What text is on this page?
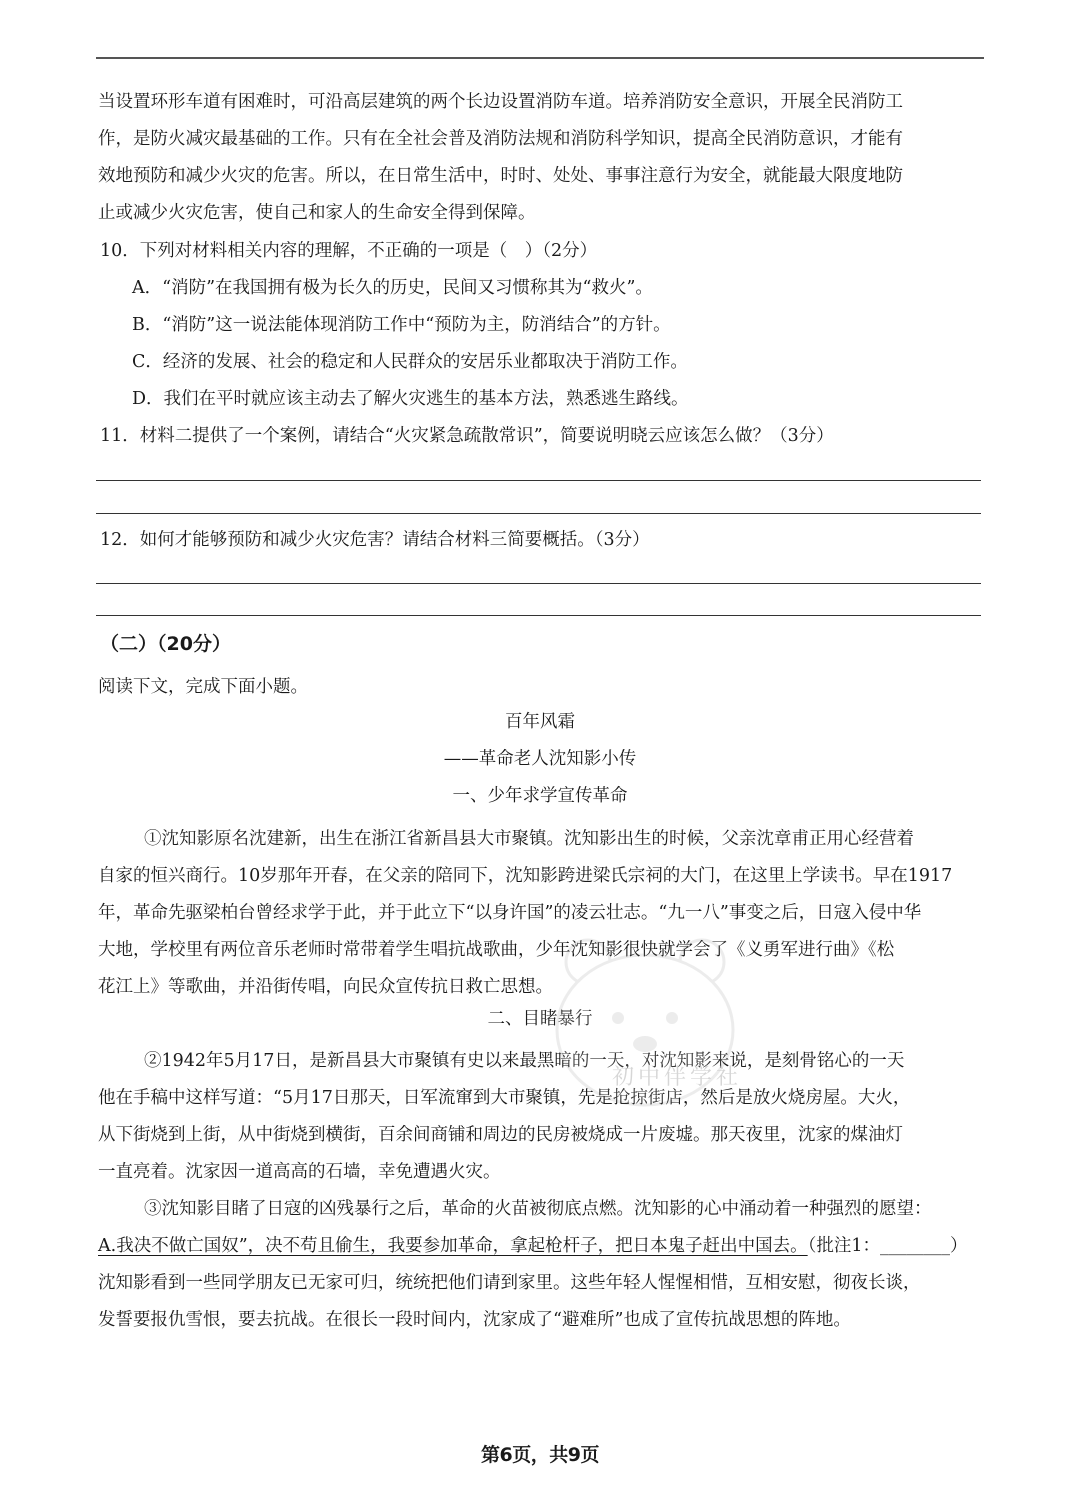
当设置环形车道有困难时，可沿高层建筑的两个长边设置消防车道。培养消防安全意识，开展全民消防工
作，是防火减灾最基础的工作。只有在全社会普及消防法规和消防科学知识，提高全民消防意识，才能有
效地预防和减少火灾的危害。所以，在日常生活中，时时、处处、事事注意行为安全，就能最大限度地防
止或减少火灾危害，使自己和家人的生命安全得到保障。
10．下列对材料相关内容的理解，不正确的一项是（　）（2分）
A．“消防”在我国拥有极为长久的历史，民间又习惯称其为“救火”。
B．“消防”这一说法能体现消防工作中“预防为主，防消结合”的方针。
C．经济的发展、社会的稳定和人民群众的安居乐业都取决于消防工作。
D．我们在平时就应该主动去了解火灾逃生的基本方法，熟悉逃生路线。
11．材料二提供了一个案例，请结合“火灾紧急疏散常识”，简要说明晓云应该怎么做？（3分）
12．如何才能够预防和减少火灾危害？请结合材料三简要概括。（3分）
（二）（20分）
阅读下文，完成下面小题。
百年风霜
——革命老人沈知影小传
一、少年求学宣传革命
①沈知影原名沈建新，出生在浙江省新昌县大市聚镇。沈知影出生的时候，父亲沈章甫正用心经营着
自家的恒兴商行。10岁那年开春，在父亲的陪同下，沈知影跨进梁氏宗祠的大门，在这里上学读书。早在1917
年，革命先驱梁柏台曾经求学于此，并于此立下“以身许国”的凌云壮志。“九一八”事变之后，日寇入侵中华
大地，学校里有两位音乐老师时常带着学生唱抗战歌曲，少年沈知影很快就学会了《义勇军进行曲》《松
花江上》等歌曲，并沿街传唱，向民众宣传抗日救亡思想。
二、目睹暴行
②1942年5月17日，是新昌县大市聚镇有史以来最黑暗的一天，对沈知影来说，是刻骨铭心的一天
他在手稿中这样写道：“5月17日那天，日军流窜到大市聚镇，先是抢掠街店，然后是放火烧房屋。大火，
从下街烧到上街，从中街烧到横街，百余间商铺和周边的民房被烧成一片废墟。那天夜里，沈家的煤油灯
一直亮着。沈家因一道高高的石墙，幸免遭遇火灾。
③沈知影目睹了日寇的凶残暴行之后，革命的火苗被彻底点燃。沈知影的心中涌动着一种强烈的愿望：
A.我决不做亡国奴”，决不苟且偷生，我要参加革命，拿起枪杆子，把日本鬼子赶出中国去。（批注1：________）
沈知影看到一些同学朋友已无家可归，统统把他们请到家里。这些年轻人惺惺相惜，互相安慰，彻夜长谈，
发誓要报仇雪恨，要去抗战。在很长一段时间内，沈家成了“避难所”也成了宣传抗战思想的阵地。
初中伴学社
第6页，共9页
